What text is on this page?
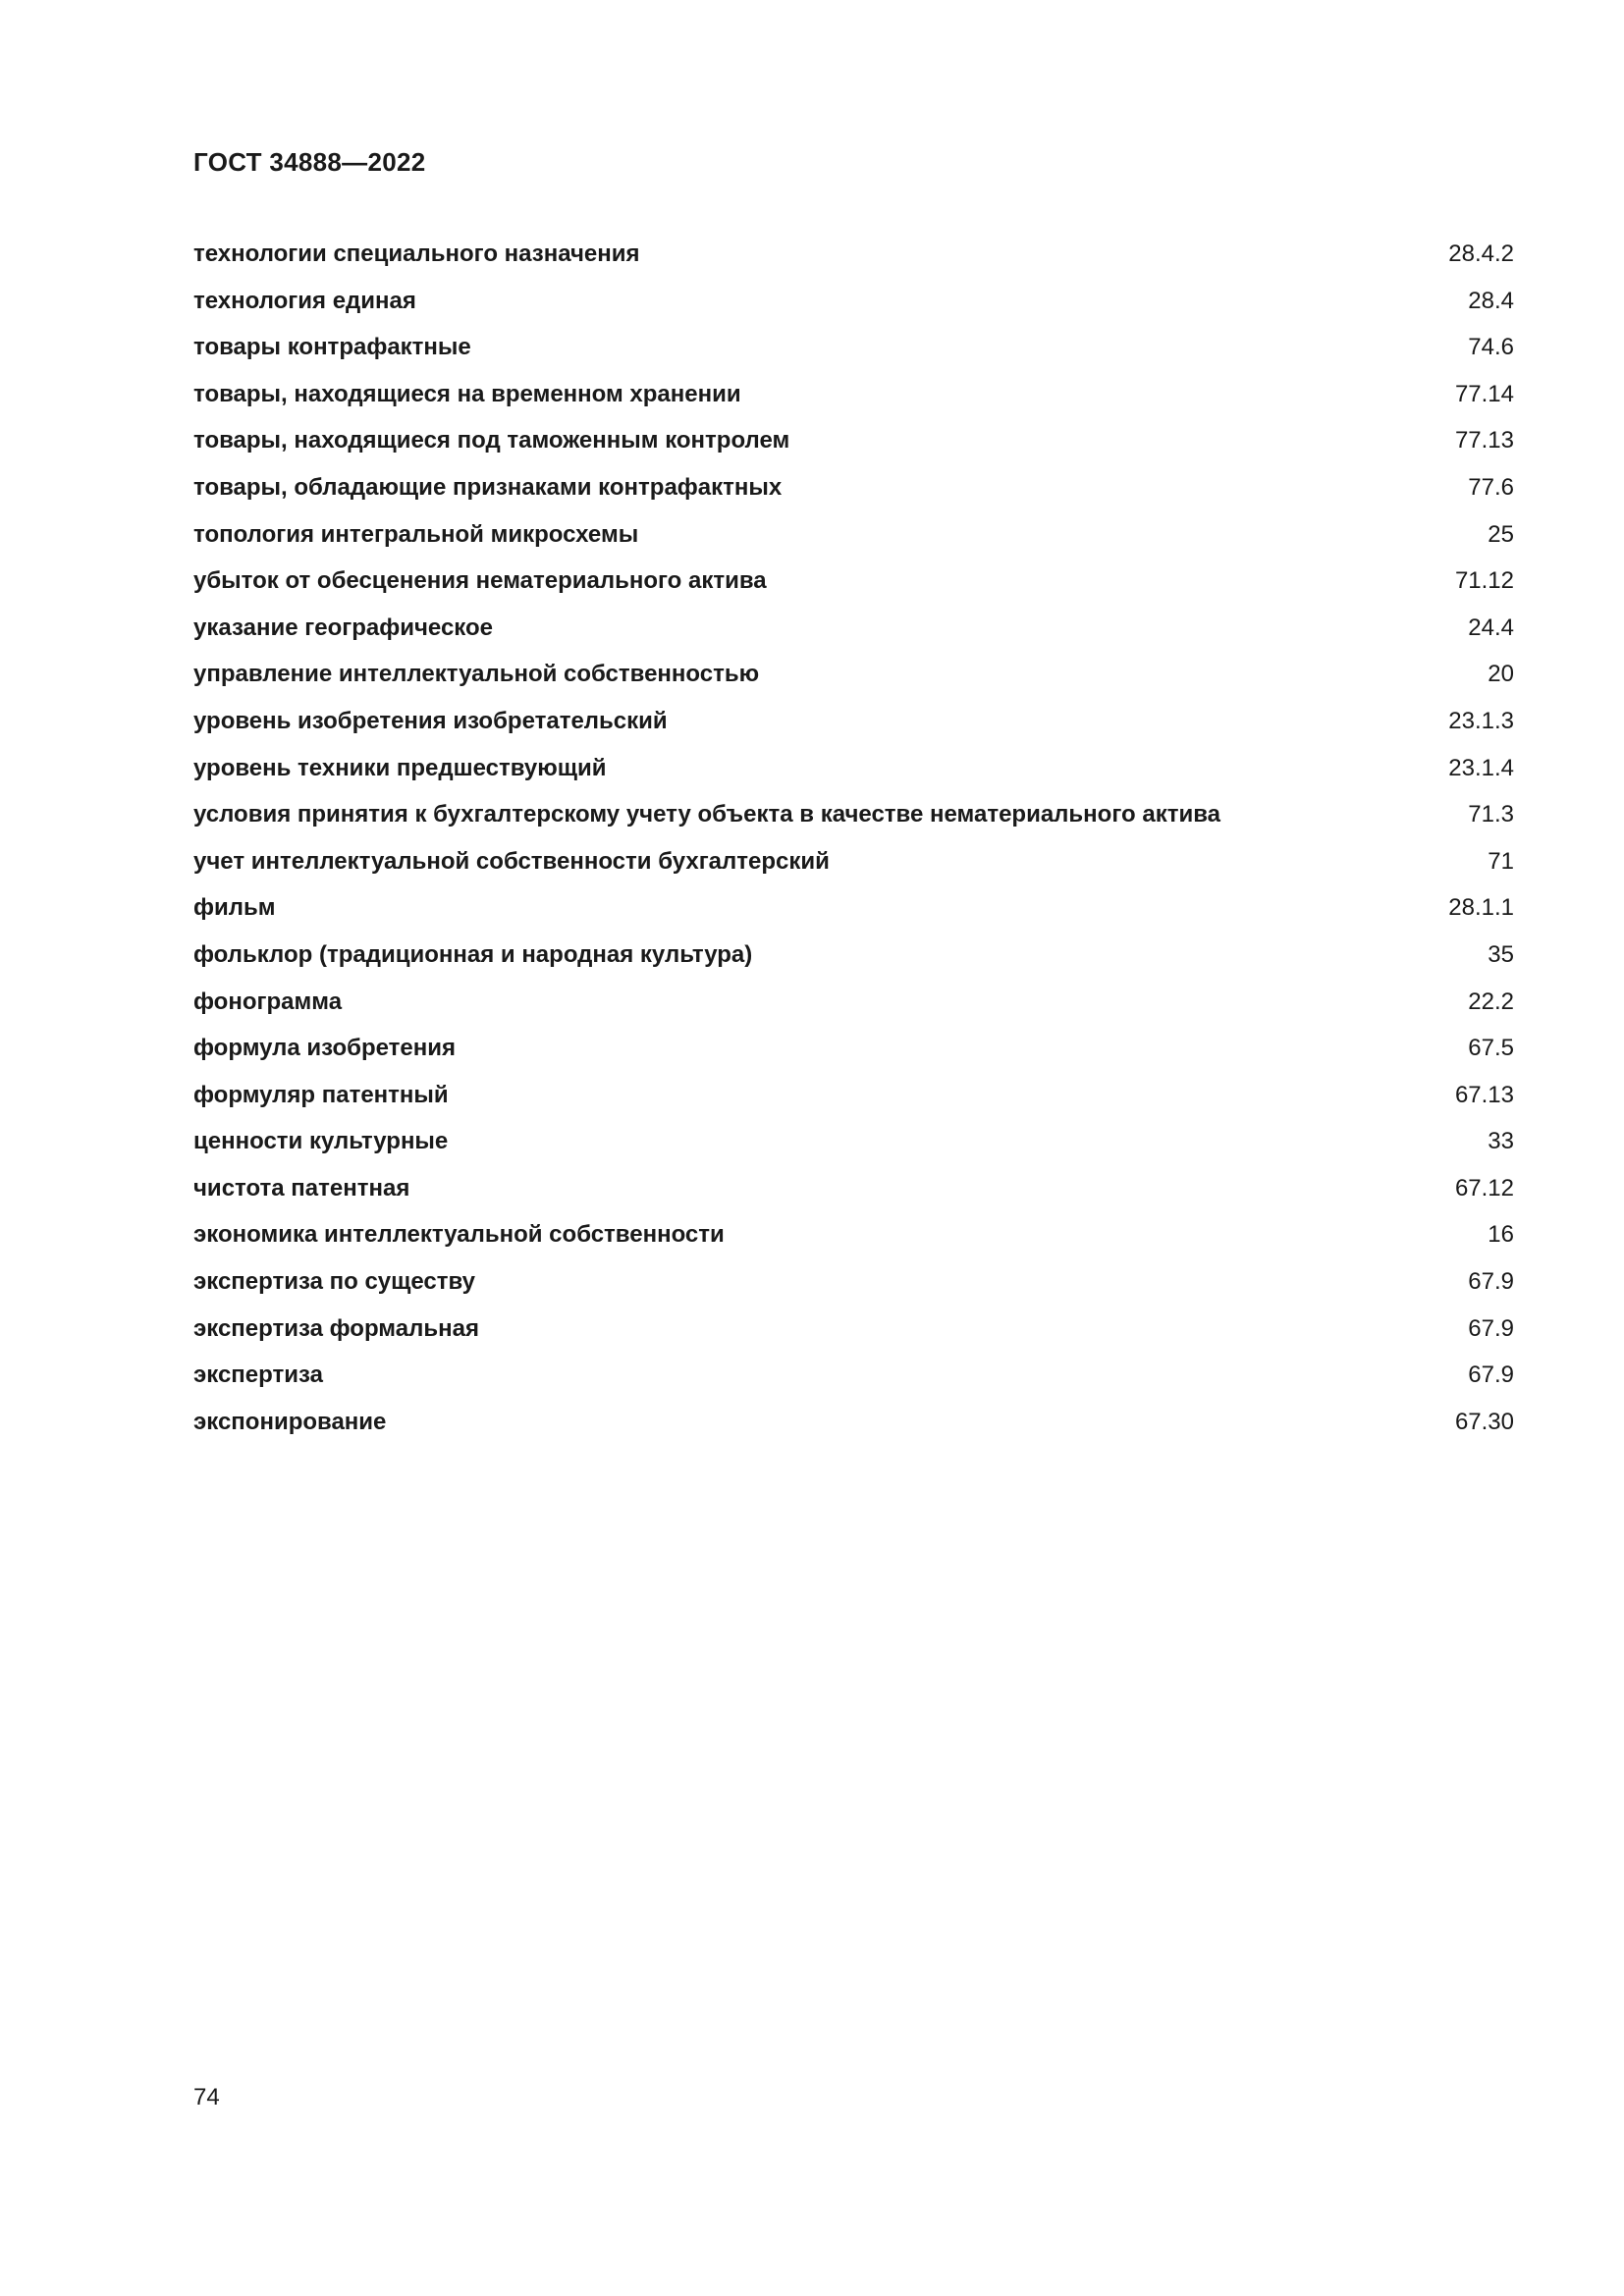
ГОСТ 34888—2022
технологии специального назначения	28.4.2
технология единая	28.4
товары контрафактные	74.6
товары, находящиеся на временном хранении	77.14
товары, находящиеся под таможенным контролем	77.13
товары, обладающие признаками контрафактных	77.6
топология интегральной микросхемы	25
убыток от обесценения нематериального актива	71.12
указание географическое	24.4
управление интеллектуальной собственностью	20
уровень изобретения изобретательский	23.1.3
уровень техники предшествующий	23.1.4
условия принятия к бухгалтерскому учету объекта в качестве нематериального актива	71.3
учет интеллектуальной собственности бухгалтерский	71
фильм	28.1.1
фольклор (традиционная и народная культура)	35
фонограмма	22.2
формула изобретения	67.5
формуляр патентный	67.13
ценности культурные	33
чистота патентная	67.12
экономика интеллектуальной собственности	16
экспертиза по существу	67.9
экспертиза формальная	67.9
экспертиза	67.9
экспонирование	67.30
74
